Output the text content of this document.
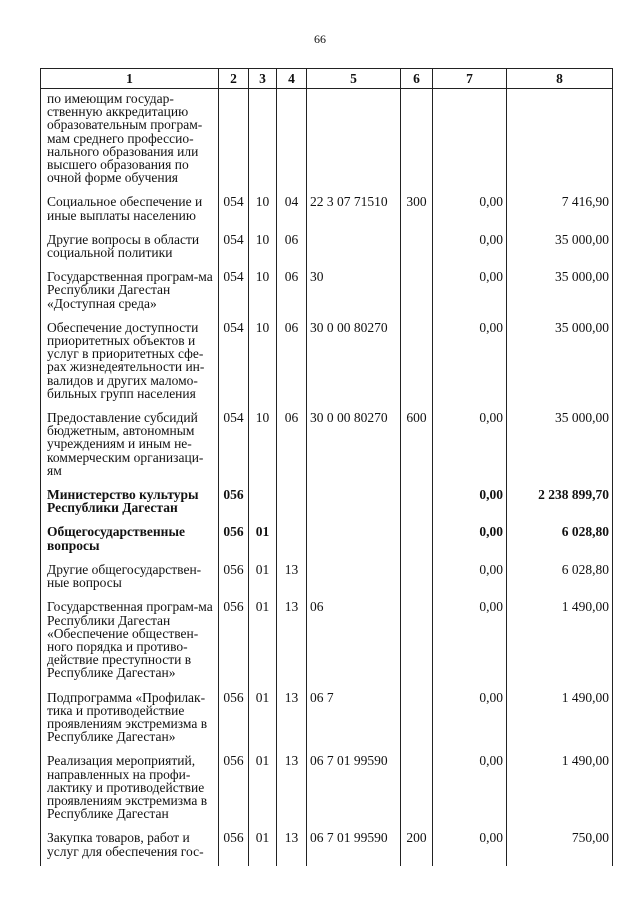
66
1	2	3	4	5	6	7	8
по имеющим государ-ственную аккредитацию образовательным програм-мам среднего профессио-нального образования или высшего образования по очной форме обучения							
Социальное обеспечение и иные выплаты населению	054	10	04	22 3 07 71510	300	0,00	7 416,90
Другие вопросы в области социальной политики	054	10	06			0,00	35 000,00
Государственная програм-ма Республики Дагестан «Доступная среда»	054	10	06	30		0,00	35 000,00
Обеспечение доступности приоритетных объектов и услуг в приоритетных сфе-рах жизнедеятельности ин-валидов и других маломо-бильных групп населения	054	10	06	30 0 00 80270		0,00	35 000,00
Предоставление субсидий бюджетным, автономным учреждениям и иным не-коммерческим организаци-ям	054	10	06	30 0 00 80270	600	0,00	35 000,00
Министерство культуры Республики Дагестан	056					0,00	2 238 899,70
Общегосударственные вопросы	056	01				0,00	6 028,80
Другие общегосударствен-ные вопросы	056	01	13			0,00	6 028,80
Государственная програм-ма Республики Дагестан «Обеспечение обществен-ного порядка и противо-действие преступности в Республике Дагестан»	056	01	13	06		0,00	1 490,00
Подпрограмма «Профилак-тика и противодействие проявлениям экстремизма в Республике Дагестан»	056	01	13	06 7		0,00	1 490,00
Реализация мероприятий, направленных на профи-лактику и противодействие проявлениям экстремизма в Республике Дагестан	056	01	13	06 7 01 99590		0,00	1 490,00
Закупка товаров, работ и услуг для обеспечения гос-	056	01	13	06 7 01 99590	200	0,00	750,00
